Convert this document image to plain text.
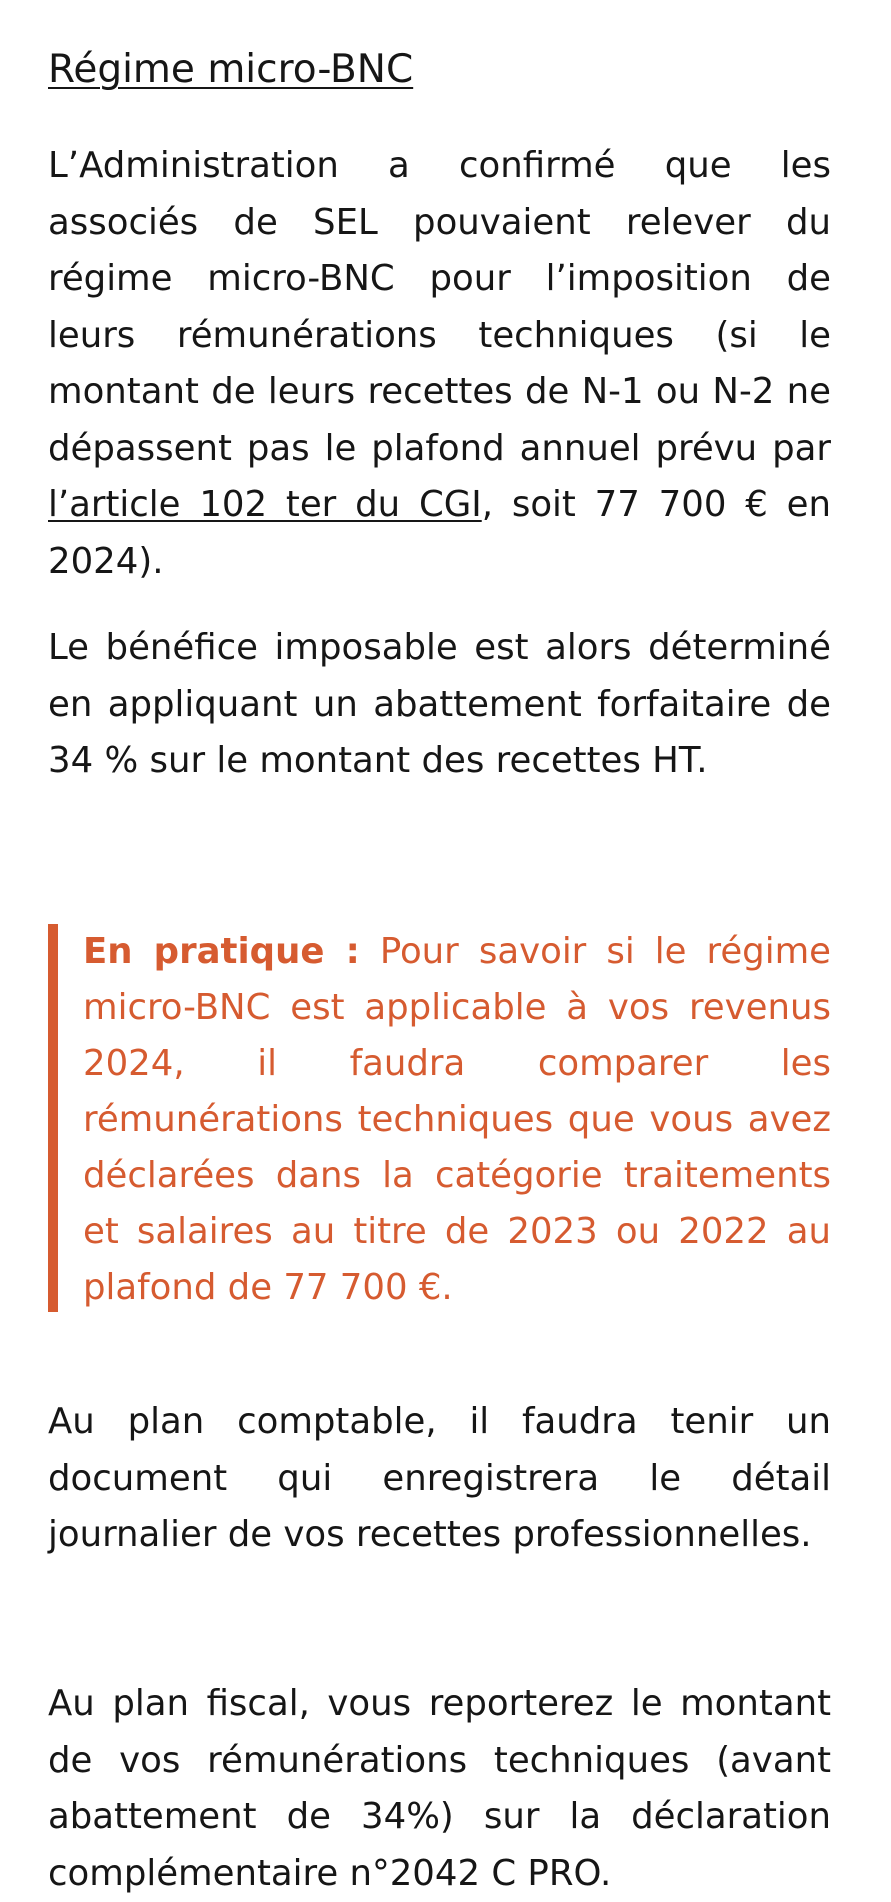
Régime micro-BNC

L’Administration a confirmé que les associés de SEL pouvaient relever du régime micro-BNC pour l’imposition de leurs rémunérations techniques (si le montant de leurs recettes de N-1 ou N-2 ne dépassent pas le plafond annuel prévu par l’article 102 ter du CGI, soit 77 700 € en 2024).

Le bénéfice imposable est alors déterminé en appliquant un abattement forfaitaire de 34 % sur le montant des recettes HT.

En pratique : Pour savoir si le régime micro-BNC est applicable à vos revenus 2024, il faudra comparer les rémunérations techniques que vous avez déclarées dans la catégorie traitements et salaires au titre de 2023 ou 2022 au plafond de 77 700 €.

Au plan comptable, il faudra tenir un document qui enregistrera le détail journalier de vos recettes professionnelles.

Au plan fiscal, vous reporterez le montant de vos rémunérations techniques (avant abattement de 34%) sur la déclaration complémentaire n°2042 C PRO.
